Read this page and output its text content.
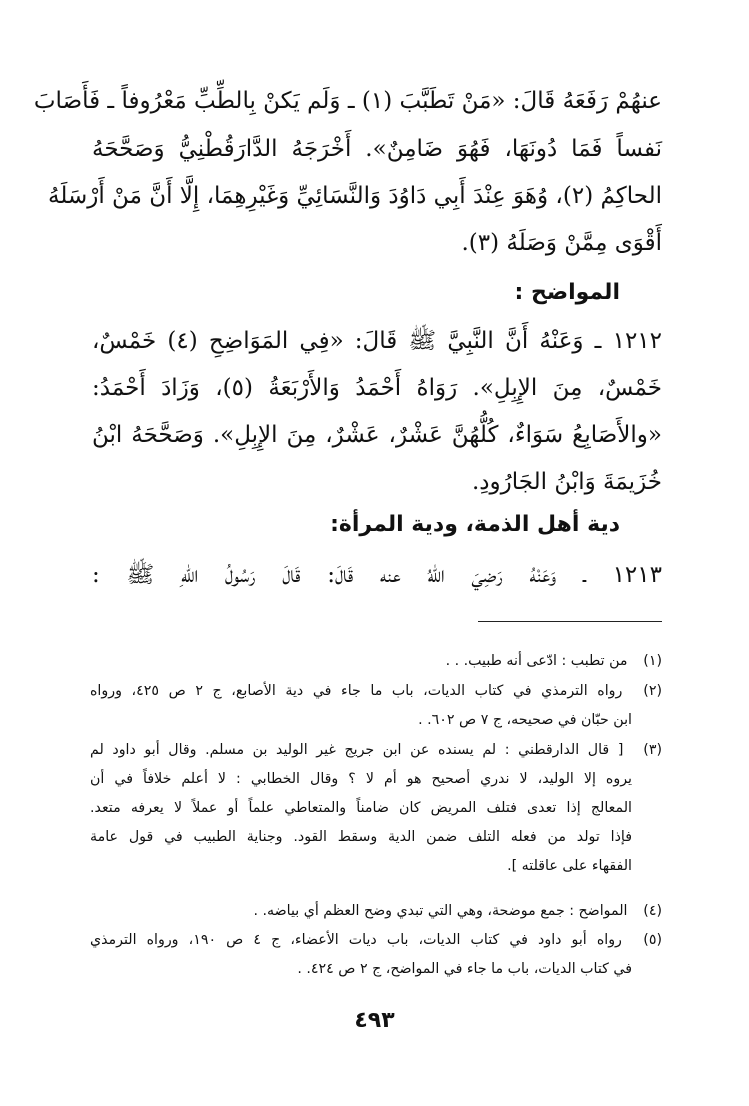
عنهُمْ رَفَعَهُ قَالَ: «مَنْ تَطَبَّبَ (١) ـ وَلَم يَكنْ بِالطِّبِّ مَعْرُوفاً ـ فَأَصَابَ
نَفساً فَمَا دُونَهَا، فَهُوَ ضَامِنٌ». أَخْرَجَهُ الدَّارَقُطْنِيُّ وَصَحَّحَهُ
الحاكِمُ (٢)، وُهَوَ عِنْدَ أَبِي دَاوُدَ وَالنَّسَائِيِّ وَغَيْرِهِمَا، إِلَّا أَنَّ مَنْ أَرْسَلَهُ
أَقْوَى مِمَّنْ وَصَلَهُ (٣).
المواضح :
١٢١٢ ـ وَعَنْهُ أَنَّ النَّبِيَّ ﷺ قَالَ: «فِي المَوَاضِحِ (٤) خَمْسٌ،
خَمْسٌ، مِنَ الإِبِلِ». رَوَاهُ أَحْمَدُ وَالأَرْبَعَةُ (٥)، وَزَادَ أَحْمَدُ:
«والأَصَابِعُ سَوَاءٌ، كُلُّهُنَّ عَشْرٌ، عَشْرٌ، مِنَ الإِبِلِ». وَصَحَّحَهُ ابْنُ
خُزَيمَةَ وَابْنُ الجَارُودِ.
دية أهل الذمة، ودية المرأة:
١٢١٣ ـ وَعَنْهُ رَضِيَ اللهُ عنه قَالَ: قَالَ رَسُولُ اللهِ ﷺ :
(١) من تطبب : ادّعى أنه طبيب. . .
(٢) رواه الترمذي في كتاب الديات، باب ما جاء في دية الأصابع، ج ٢ ص ٤٢٥، ورواه
ابن حبّان في صحيحه، ج ٧ ص ٦٠٢. .
(٣) [ قال الدارقطني : لم يسنده عن ابن جريج غير الوليد بن مسلم. وقال أبو داود لم
يروه إلا الوليد، لا ندري أصحيح هو أم لا ؟ وقال الخطابي : لا أعلم خلافاً في أن
المعالج إذا تعدى فتلف المريض كان ضامناً والمتعاطي علماً أو عملاً لا يعرفه متعد.
فإذا تولد من فعله التلف ضمن الدية وسقط القود. وجناية الطبيب في قول عامة
الفقهاء على عاقلته ].
(٤) المواضح : جمع موضحة، وهي التي تبدي وضح العظم أي بياضه. .
(٥) رواه أبو داود في كتاب الديات، باب ديات الأعضاء، ج ٤ ص ١٩٠، ورواه الترمذي
في كتاب الديات، باب ما جاء في المواضح، ج ٢ ص ٤٢٤. .
٤٩٣
